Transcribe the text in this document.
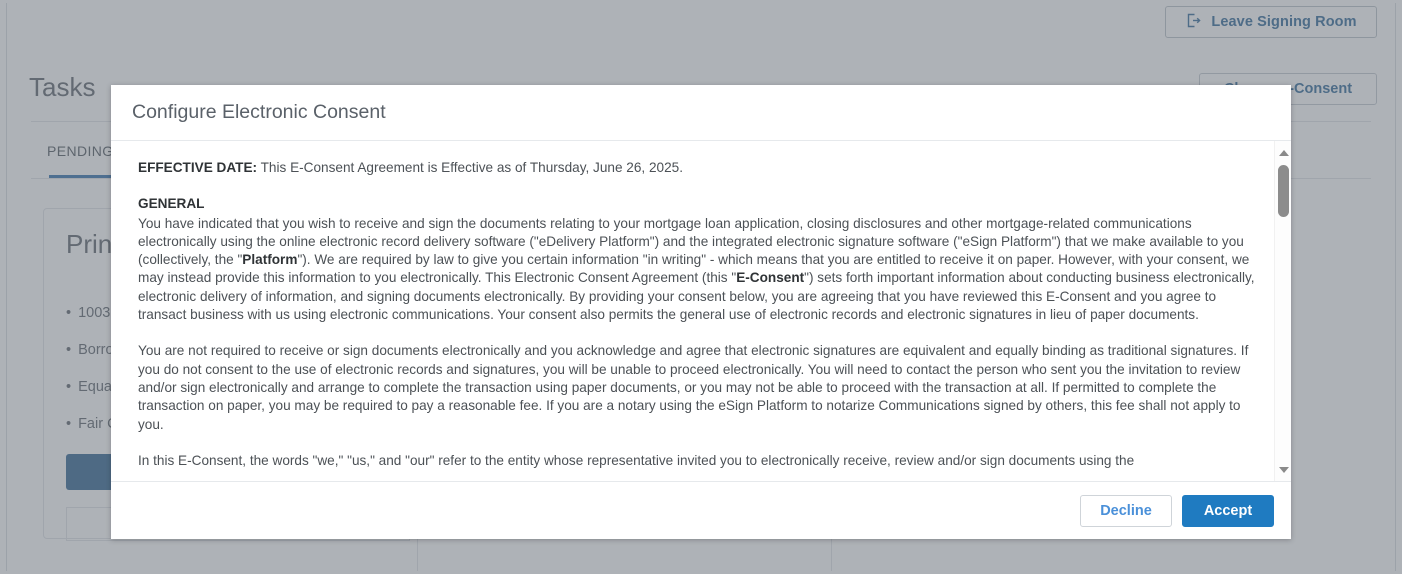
Configure Electronic Consent

EFFECTIVE DATE: This E-Consent Agreement is Effective as of Thursday, June 26, 2025.

GENERAL
You have indicated that you wish to receive and sign the documents relating to your mortgage loan application, closing disclosures and other mortgage-related communications electronically using the online electronic record delivery software ("eDelivery Platform") and the integrated electronic signature software ("eSign Platform") that we make available to you (collectively, the "Platform"). We are required by law to give you certain information "in writing" - which means that you are entitled to receive it on paper. However, with your consent, we may instead provide this information to you electronically. This Electronic Consent Agreement (this "E-Consent") sets forth important information about conducting business electronically, electronic delivery of information, and signing documents electronically. By providing your consent below, you are agreeing that you have reviewed this E-Consent and you agree to transact business with us using electronic communications. Your consent also permits the general use of electronic records and electronic signatures in lieu of paper documents.

You are not required to receive or sign documents electronically and you acknowledge and agree that electronic signatures are equivalent and equally binding as traditional signatures. If you do not consent to the use of electronic records and signatures, you will be unable to proceed electronically. You will need to contact the person who sent you the invitation to review and/or sign electronically and arrange to complete the transaction using paper documents, or you may not be able to proceed with the transaction at all. If permitted to complete the transaction on paper, you may be required to pay a reasonable fee. If you are a notary using the eSign Platform to notarize Communications signed by others, this fee shall not apply to you.

In this E-Consent, the words "we," "us," and "our" refer to the entity whose representative invited you to electronically receive, review and/or sign documents using the

Decline	Accept
